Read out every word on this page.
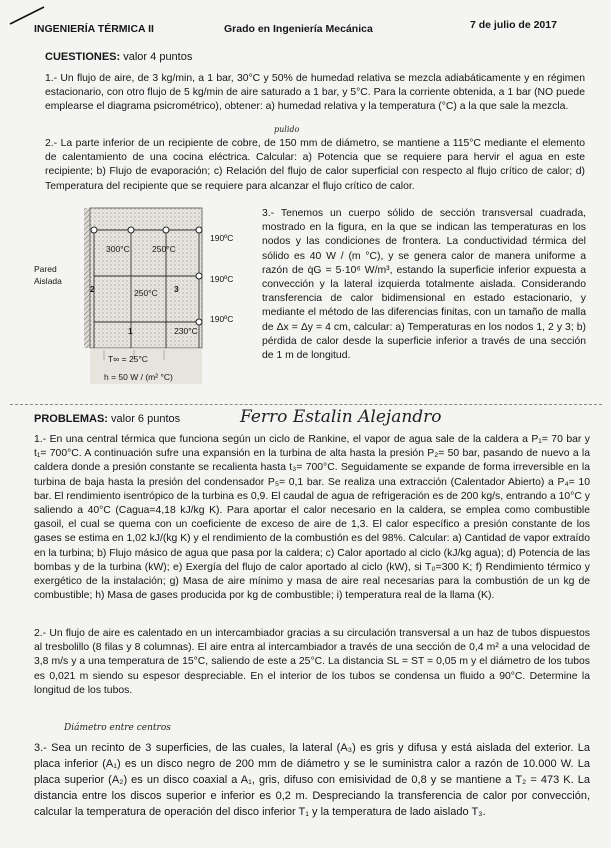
INGENIERÍA TÉRMICA II	Grado en Ingeniería Mecánica	7 de julio de 2017
CUESTIONES: valor 4 puntos

1.- Un flujo de aire, de 3 kg/min, a 1 bar, 30°C y 50% de humedad relativa se mezcla adiabáticamente y en régimen estacionario, con otro flujo de 5 kg/min de aire saturado a 1 bar, y 5°C. Para la corriente obtenida, a 1 bar (NO puede emplearse el diagrama psicrométrico), obtener: a) humedad relativa y la temperatura (°C) a la que sale la mezcla.

pulido

2.- La parte inferior de un recipiente de cobre, de 150 mm de diámetro, se mantiene a 115°C mediante el elemento de calentamiento de una cocina eléctrica. Calcular: a) Potencia que se requiere para hervir el agua en este recipiente; b) Flujo de evaporación; c) Relación del flujo de calor superficial con respecto al flujo crítico de calor; d) Temperatura del recipiente que se requiere para alcanzar el flujo crítico de calor.

Pared
Aislada
190ºC
190ºC
190ºC
300°C	250°C
250°C
230°C
2	3
1
T∞ = 25°C
h = 50 W / (m² °C)

3.- Tenemos un cuerpo sólido de sección transversal cuadrada, mostrado en la figura, en la que se indican las temperaturas en los nodos y las condiciones de frontera. La conductividad térmica del sólido es 40 W / (m °C), y se genera calor de manera uniforme a razón de q̇G = 5·10⁶ W/m³, estando la superficie inferior expuesta a convección y la lateral izquierda totalmente aislada. Considerando transferencia de calor bidimensional en estado estacionario, y mediante el método de las diferencias finitas, con un tamaño de malla de Δx = Δy = 4 cm, calcular: a) Temperaturas en los nodos 1, 2 y 3; b) pérdida de calor desde la superficie inferior a través de una sección de 1 m de longitud.

PROBLEMAS: valor 6 puntos	Ferro Estalin Alejandro

1.- En una central térmica que funciona según un ciclo de Rankine, el vapor de agua sale de la caldera a P₁= 70 bar y t₁= 700°C. A continuación sufre una expansión en la turbina de alta hasta la presión P₂= 50 bar, pasando de nuevo a la caldera donde a presión constante se recalienta hasta t₃= 700°C. Seguidamente se expande de forma irreversible en la turbina de baja hasta la presión del condensador P₅= 0,1 bar. Se realiza una extracción (Calentador Abierto) a P₄= 10 bar. El rendimiento isentrópico de la turbina es 0,9. El caudal de agua de refrigeración es de 200 kg/s, entrando a 10°C y saliendo a 40°C (Cagua=4,18 kJ/kg K). Para aportar el calor necesario en la caldera, se emplea como combustible gasoil, el cual se quema con un coeficiente de exceso de aire de 1,3. El calor específico a presión constante de los gases se estima en 1,02 kJ/(kg K) y el rendimiento de la combustión es del 98%. Calcular: a) Cantidad de vapor extraído en la turbina; b) Flujo másico de agua que pasa por la caldera; c) Calor aportado al ciclo (kJ/kg agua); d) Potencia de las bombas y de la turbina (kW); e) Exergía del flujo de calor aportado al ciclo (kW), si T₀=300 K; f) Rendimiento térmico y exergético de la instalación; g) Masa de aire mínimo y masa de aire real necesarias para la combustión de un kg de combustible; h) Masa de gases producida por kg de combustible; i) temperatura real de la llama (K).

2.- Un flujo de aire es calentado en un intercambiador gracias a su circulación transversal a un haz de tubos dispuestos al tresbolillo (8 filas y 8 columnas). El aire entra al intercambiador a través de una sección de 0,4 m² a una velocidad de 3,8 m/s y a una temperatura de 15°C, saliendo de este a 25°C. La distancia SL = ST = 0,05 m y el diámetro de los tubos es 0,021 m siendo su espesor despreciable. En el interior de los tubos se condensa un fluido a 90°C. Determine la longitud de los tubos.

Diámetro entre centros

3.- Sea un recinto de 3 superficies, de las cuales, la lateral (A₃) es gris y difusa y está aislada del exterior. La placa inferior (A₁) es un disco negro de 200 mm de diámetro y se le suministra calor a razón de 10.000 W. La placa superior (A₂) es un disco coaxial a A₁, gris, difuso con emisividad de 0,8 y se mantiene a T₂ = 473 K. La distancia entre los discos superior e inferior es 0,2 m. Despreciando la transferencia de calor por convección, calcular la temperatura de operación del disco inferior T₁ y la temperatura de lado aislado T₃.
